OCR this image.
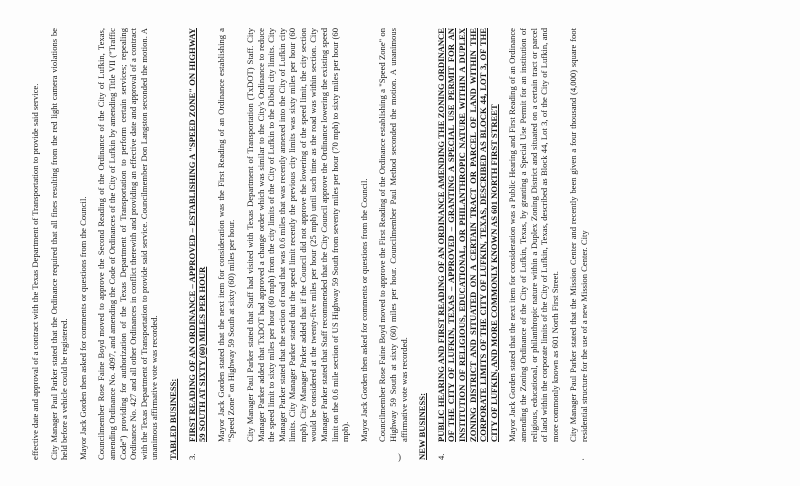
effective date and approval of a contract with the Texas Department of Transportation to provide said service. City Manager Paul Parker stated that the Ordinance required that all fines resulting from the red light camera violations be held before a vehicle could be registered. Mayor Jack Gorden then asked for comments or questions from the Council. Councilmember Rose Faine Boyd moved to approve the Second Reading of the Ordinance of the City of Lufkin, Texas, amending Ordinance No. 4097, and amending the Code of Ordinances of the City of Lufkin by amending Title VII ("Traffic Code") providing for authorization of the Texas Department of Transportation to perform certain services; repealing Ordinance No. 427 and all other Ordinances in conflict therewith and providing an effective date and approval of a contract with the Texas Department of Transportation to provide said service. Councilmember Don Langston seconded the motion. A unanimous affirmative vote was recorded. TABLED BUSINESS: 3.
FIRST READING OF AN ORDINANCE – APPROVED – ESTABLISHING A "SPEED ZONE" ON HIGHWAY 59 SOUTH AT SIXTY (60) MILES PER HOUR Mayor Jack Gorden stated that the next item for consideration was the First Reading of an Ordinance establishing a "Speed Zone" on Highway 59 South at sixty (60) miles per hour. City Manager Paul Parker stated that Staff had visited with Texas Department of Transportation (TxDOT) Staff. City Manager Parker added that TxDOT had approved a change order which was similar to the City's Ordinance to reduce the speed limit to sixty miles per hour (60 mph) from the city limits of the City of Lufkin to the Diboll city limits. City Manager Parker stated that the section of road that was 0.6 miles that was recently annexed into the City of Lufkin city limits. City Manager Parker stated that the speed limit recently the previous city limits was sixty miles per hour (60 mph). City Manager Parker added that if the Council did not approve the lowering of the speed limit, the city section would be considered at the twenty-five miles per hour (25 mph) until such time as the road was within section. City Manager Parker stated that Staff recommended that the City Council approve the Ordinance lowering the existing speed limit on the 0.6 mile section of US Highway 59 South from seventy miles per hour (70 mph) to sixty miles per hour (60 mph). Mayor Jack Gorden then asked for comments or questions from the Council. Councilmember Rose Faine Boyd moved to approve the First Reading of the Ordinance establishing a "Speed Zone" on Highway 59 South at sixty (60) miles per hour. Councilmember Paul Method seconded the motion. A unanimous affirmative vote was recorded. NEW BUSINESS: 4.
PUBLIC HEARING AND FIRST READING OF AN ORDINANCE AMENDING THE ZONING ORDINANCE OF THE CITY OF LUFKIN, TEXAS – APPROVED – GRANTING A SPECIAL USE PERMIT FOR AN INSTITUTION OF RELIGIOUS, EDUCATIONAL, OR PHILANTHROPIC NATURE WITHIN A DUPLEX ZONING DISTRICT AND SITUATED ON A CERTAIN TRACT OR PARCEL OF LAND WITHIN THE CORPORATE LIMITS OF THE CITY OF LUFKIN, TEXAS, DESCRIBED AS BLOCK 44, LOT 3, OF THE CITY OF LUFKIN, AND MORE COMMONLY KNOWN AS 601 NORTH FIRST STREET Mayor Jack Gorden stated that the next item for consideration was a Public Hearing and First Reading of an Ordinance amending the Zoning Ordinance of the City of Lufkin, Texas, by granting a Special Use Permit for an institution of religious, educational, or philanthropic nature within a Duplex Zoning District and situated on a certain tract or parcel of land within the corporate limits of the City of Lufkin, Texas, described as Block 44, Lot 3, of the City of Lufkin, and more commonly known as 601 North First Street. City Manager Paul Parker stated that the Mission Center and recently been given a four thousand (4,000) square foot residential structure for the use of a new Mission Center. City

)	.
